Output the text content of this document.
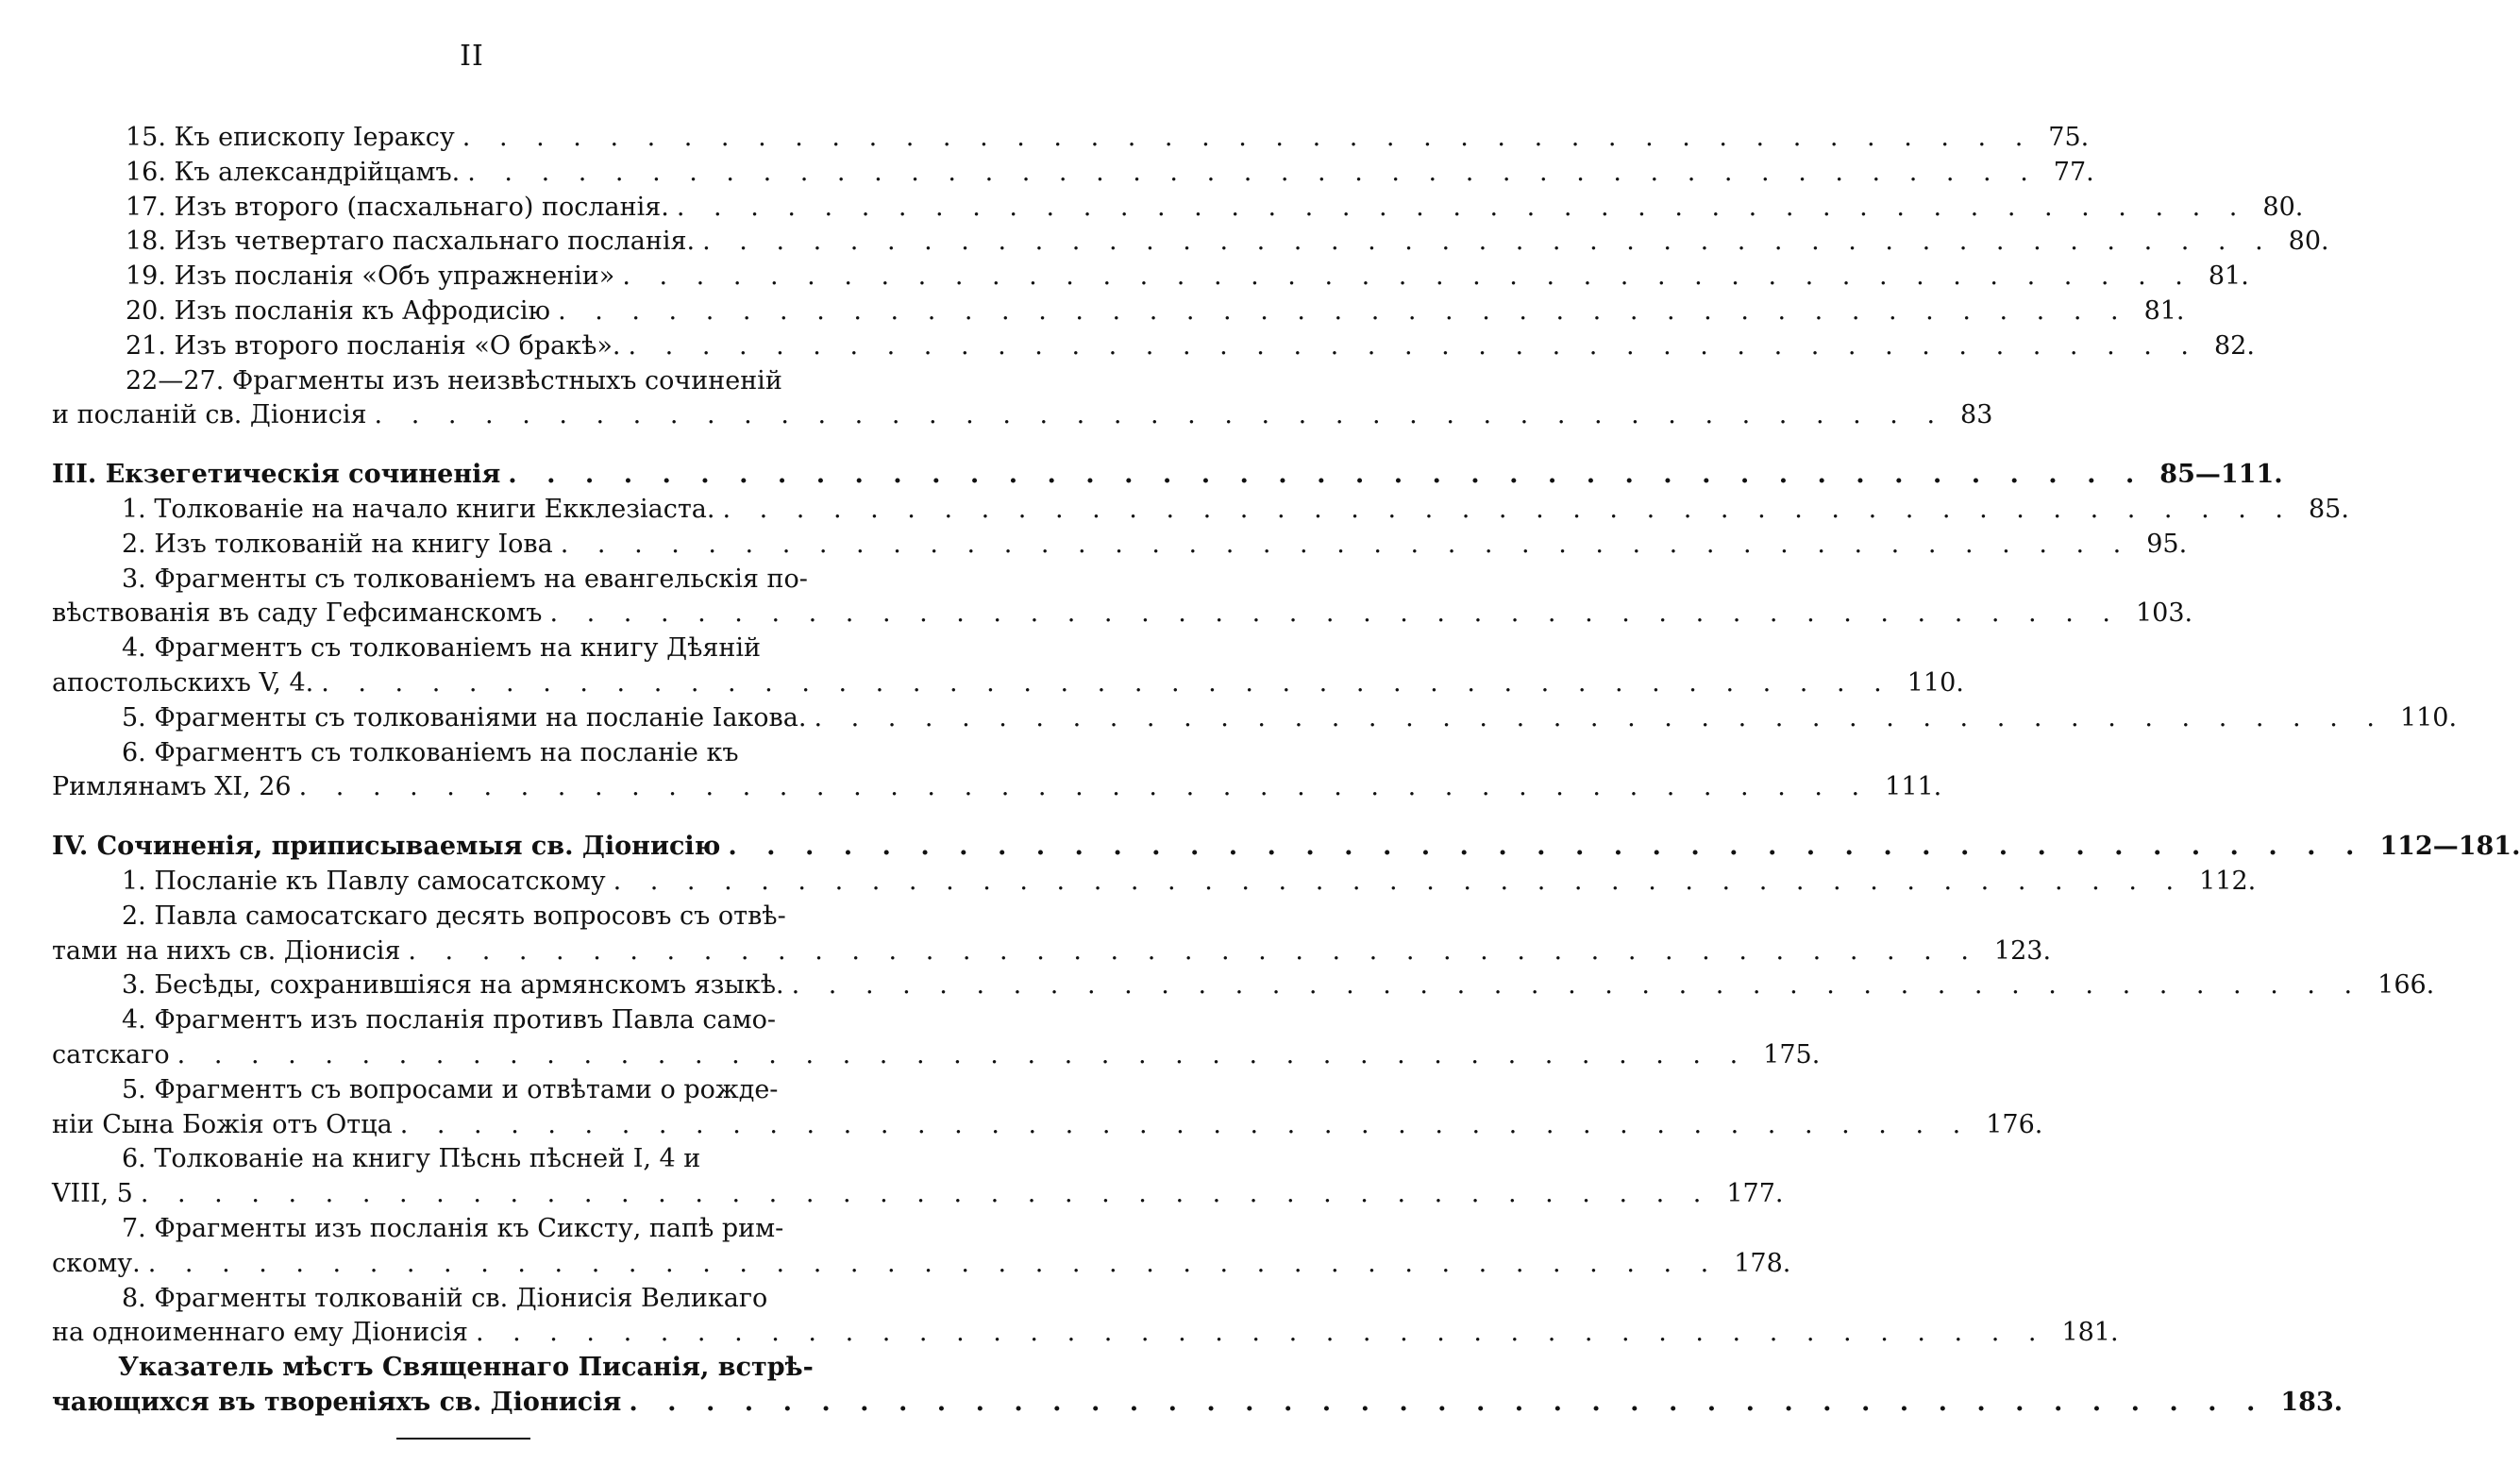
II
15. Къ епископу Іераксу . . . . . . . . . . . . . . . . . . . . . . . . . . . . . . . . . . . . . . . . . . . 75.
16. Къ александрійцамъ. . . . . . . . . . . . . . . . . . . . . . . . . . . . . . . . . . . . . . . . . . . . 77.
17. Изъ второго (пасхальнаго) посланія. . . . . . . . . . . . . . . . . . . . . . . . . . . . . . . . . . . . . . . . . . . . 80.
18. Изъ четвертаго пасхальнаго посланія. . . . . . . . . . . . . . . . . . . . . . . . . . . . . . . . . . . . . . . . . . . . 80.
19. Изъ посланія «Объ упражненіи» . . . . . . . . . . . . . . . . . . . . . . . . . . . . . . . . . . . . . . . . . . . 81.
20. Изъ посланія къ Афродисію . . . . . . . . . . . . . . . . . . . . . . . . . . . . . . . . . . . . . . . . . . . 81.
21. Изъ второго посланія «О бракѣ». . . . . . . . . . . . . . . . . . . . . . . . . . . . . . . . . . . . . . . . . . . . 82.
22—27. Фрагменты изъ неизвѣстныхъ сочиненій
и посланій св. Діонисія . . . . . . . . . . . . . . . . . . . . . . . . . . . . . . . . . . . . . . . . . . . 83
III. Екзегетическія сочиненія . . . . . . . . . . . . . . . . . . . . . . . . . . . . . . . . . . . . . . . . . . . 85—111.
1. Толкованіе на начало книги Екклезіаста. . . . . . . . . . . . . . . . . . . . . . . . . . . . . . . . . . . . . . . . . . . . 85.
2. Изъ толкованій на книгу Іова . . . . . . . . . . . . . . . . . . . . . . . . . . . . . . . . . . . . . . . . . . . 95.
3. Фрагменты съ толкованіемъ на евангельскія по-
вѣствованія въ саду Гефсиманскомъ . . . . . . . . . . . . . . . . . . . . . . . . . . . . . . . . . . . . . . . . . . . 103.
4. Фрагментъ съ толкованіемъ на книгу Дѣяній
апостольскихъ V, 4. . . . . . . . . . . . . . . . . . . . . . . . . . . . . . . . . . . . . . . . . . . . 110.
5. Фрагменты съ толкованіями на посланіе Іакова. . . . . . . . . . . . . . . . . . . . . . . . . . . . . . . . . . . . . . . . . . . . 110.
6. Фрагментъ съ толкованіемъ на посланіе къ
Римлянамъ XI, 26 . . . . . . . . . . . . . . . . . . . . . . . . . . . . . . . . . . . . . . . . . . . 111.
IV. Сочиненія, приписываемыя св. Діонисію . . . . . . . . . . . . . . . . . . . . . . . . . . . . . . . . . . . . . . . . . . . 112—181.
1. Посланіе къ Павлу самосатскому . . . . . . . . . . . . . . . . . . . . . . . . . . . . . . . . . . . . . . . . . . . 112.
2. Павла самосатскаго десять вопросовъ съ отвѣ-
тами на нихъ св. Діонисія . . . . . . . . . . . . . . . . . . . . . . . . . . . . . . . . . . . . . . . . . . . 123.
3. Бесѣды, сохранившіяся на армянскомъ языкѣ. . . . . . . . . . . . . . . . . . . . . . . . . . . . . . . . . . . . . . . . . . . . 166.
4. Фрагментъ изъ посланія противъ Павла само-
сатскаго . . . . . . . . . . . . . . . . . . . . . . . . . . . . . . . . . . . . . . . . . . . 175.
5. Фрагментъ съ вопросами и отвѣтами о рожде-
ніи Сына Божія отъ Отца . . . . . . . . . . . . . . . . . . . . . . . . . . . . . . . . . . . . . . . . . . . 176.
6. Толкованіе на книгу Пѣснь пѣсней I, 4 и
VIII, 5 . . . . . . . . . . . . . . . . . . . . . . . . . . . . . . . . . . . . . . . . . . . 177.
7. Фрагменты изъ посланія къ Сиксту, папѣ рим-
скому. . . . . . . . . . . . . . . . . . . . . . . . . . . . . . . . . . . . . . . . . . . . 178.
8. Фрагменты толкованій св. Діонисія Великаго
на одноименнаго ему Діонисія . . . . . . . . . . . . . . . . . . . . . . . . . . . . . . . . . . . . . . . . . . . 181.
Указатель мѣстъ Священнаго Писанія, встрѣ-
чающихся въ твореніяхъ св. Діонисія . . . . . . . . . . . . . . . . . . . . . . . . . . . . . . . . . . . . . . . . . . . 183.
